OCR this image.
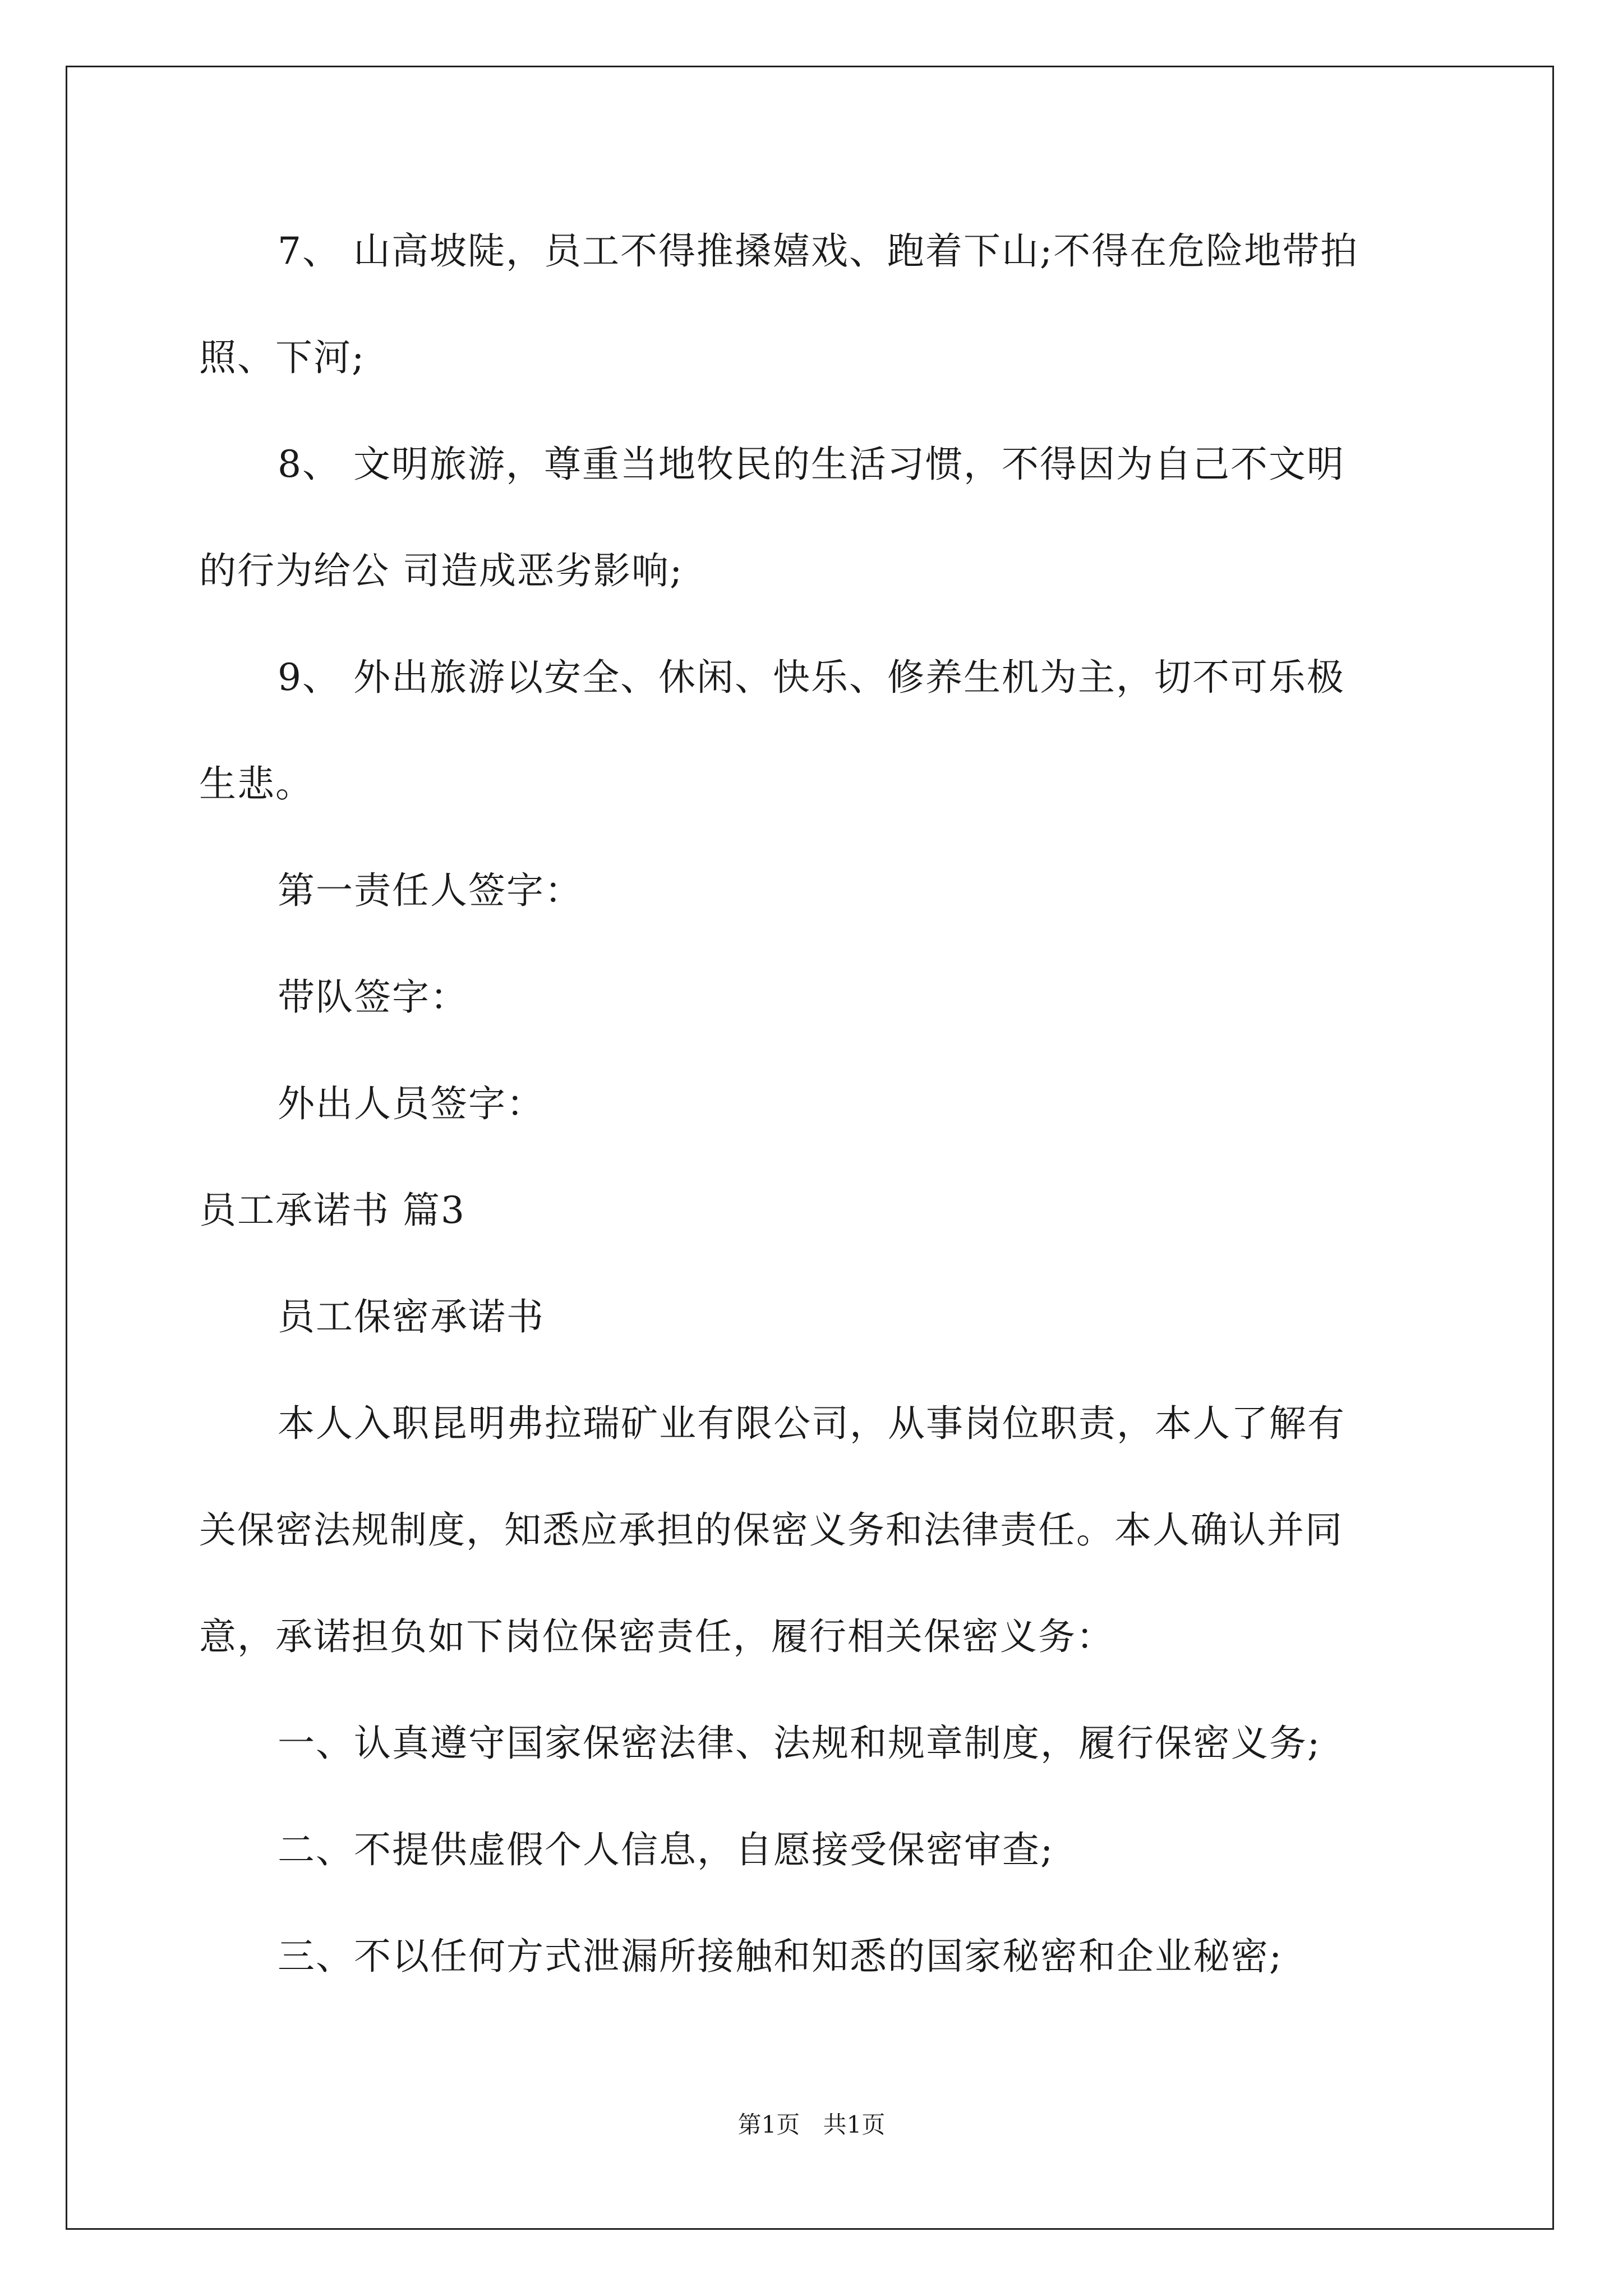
7、 山高坡陡，员工不得推搡嬉戏、跑着下山;不得在危险地带拍
照、下河;
8、 文明旅游，尊重当地牧民的生活习惯，不得因为自己不文明
的行为给公 司造成恶劣影响;
9、 外出旅游以安全、休闲、快乐、修养生机为主，切不可乐极
生悲。
第一责任人签字：
带队签字：
外出人员签字：
员工承诺书 篇3
员工保密承诺书
本人入职昆明弗拉瑞矿业有限公司，从事岗位职责，本人了解有
关保密法规制度，知悉应承担的保密义务和法律责任。本人确认并同
意，承诺担负如下岗位保密责任，履行相关保密义务：
一、认真遵守国家保密法律、法规和规章制度，履行保密义务;
二、不提供虚假个人信息，自愿接受保密审查;
三、不以任何方式泄漏所接触和知悉的国家秘密和企业秘密;
第1页 共1页
